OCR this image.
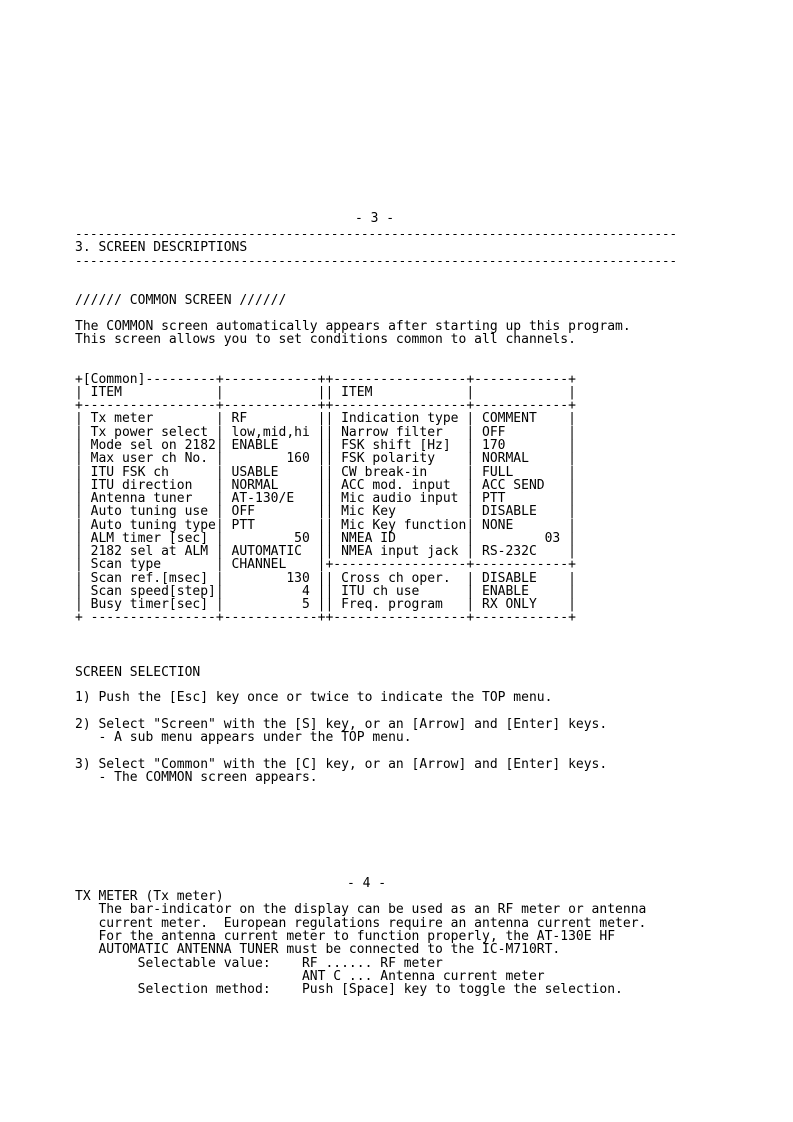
- 3 -
--------------------------------------------------------------------------------
3. SCREEN DESCRIPTIONS
--------------------------------------------------------------------------------
////// COMMON SCREEN //////
The COMMON screen automatically appears after starting up this program.
This screen allows you to set conditions common to all channels.
+[Common]---------+------------++-----------------+------------+
| ITEM            |            || ITEM            |            |
+-----------------+------------++-----------------+------------+
| Tx meter        | RF         || Indication type | COMMENT    |
| Tx power select | low,mid,hi || Narrow filter   | OFF        |
| Mode sel on 2182| ENABLE     || FSK shift [Hz]  | 170        |
| Max user ch No. |        160 || FSK polarity    | NORMAL     |
| ITU FSK ch      | USABLE     || CW break-in     | FULL       |
| ITU direction   | NORMAL     || ACC mod. input  | ACC SEND   |
| Antenna tuner   | AT-130/E   || Mic audio input | PTT        |
| Auto tuning use | OFF        || Mic Key         | DISABLE    |
| Auto tuning type| PTT        || Mic Key function| NONE       |
| ALM timer [sec] |         50 || NMEA ID         |         03 |
| 2182 sel at ALM | AUTOMATIC  || NMEA input jack | RS-232C    |
| Scan type       | CHANNEL    |+-----------------+------------+
| Scan ref.[msec] |        130 || Cross ch oper.  | DISABLE    |
| Scan speed[step]|          4 || ITU ch use      | ENABLE     |
| Busy timer[sec] |          5 || Freq. program   | RX ONLY    |
+ ----------------+------------++-----------------+------------+
SCREEN SELECTION
1) Push the [Esc] key once or twice to indicate the TOP menu.
2) Select "Screen" with the [S] key, or an [Arrow] and [Enter] keys.
- A sub menu appears under the TOP menu.
3) Select "Common" with the [C] key, or an [Arrow] and [Enter] keys.
- The COMMON screen appears.
- 4 -
TX METER (Tx meter)
The bar-indicator on the display can be used as an RF meter or antenna
current meter.  European regulations require an antenna current meter.
For the antenna current meter to function properly, the AT-130E HF
AUTOMATIC ANTENNA TUNER must be connected to the IC-M710RT.
Selectable value:    RF ...... RF meter
ANT C ... Antenna current meter
Selection method:    Push [Space] key to toggle the selection.
